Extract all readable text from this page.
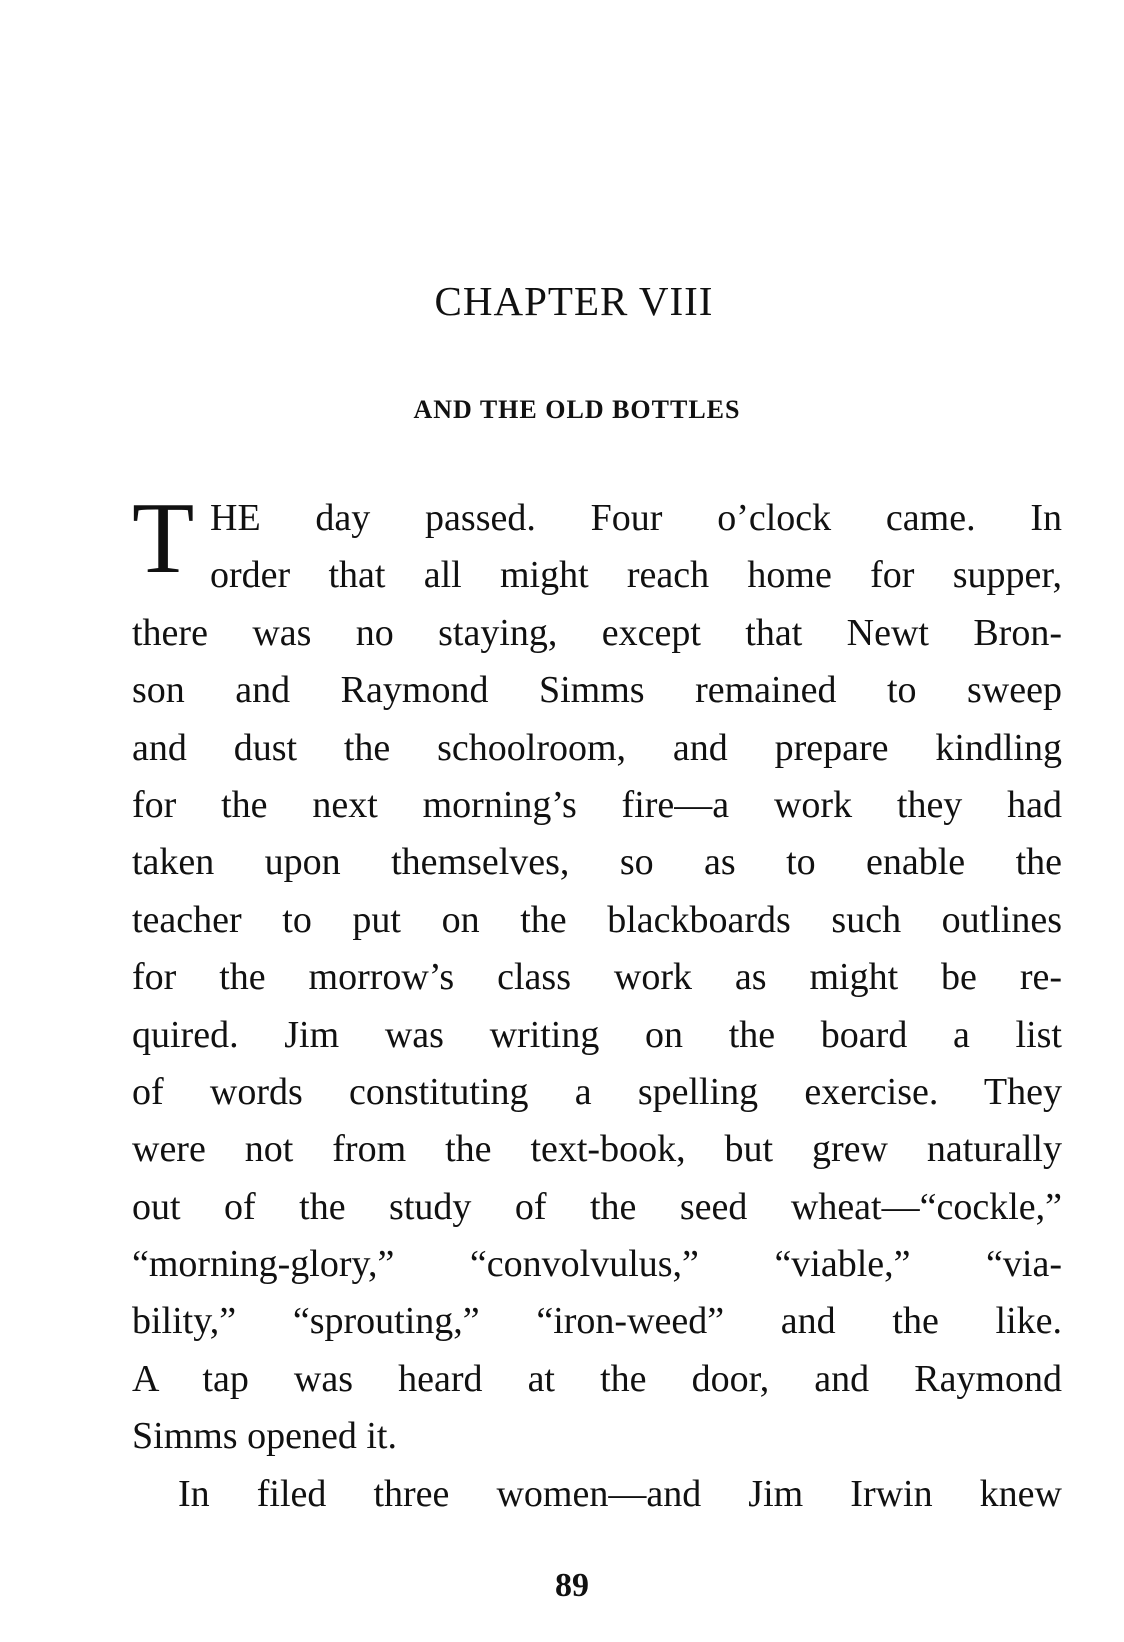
CHAPTER VIII
AND THE OLD BOTTLES
T HE day passed. Four o’clock came. In
order that all might reach home for supper,
there was no staying, except that Newt Bron-
son and Raymond Simms remained to sweep
and dust the schoolroom, and prepare kindling
for the next morning’s fire—a work they had
taken upon themselves, so as to enable the
teacher to put on the blackboards such outlines
for the morrow’s class work as might be re-
quired. Jim was writing on the board a list
of words constituting a spelling exercise. They
were not from the text-book, but grew naturally
out of the study of the seed wheat—“cockle,”
“morning-glory,” “convolvulus,” “viable,” “via-
bility,” “sprouting,” “iron-weed” and the like.
A tap was heard at the door, and Raymond
Simms opened it.
In filed three women—and Jim Irwin knew
89
